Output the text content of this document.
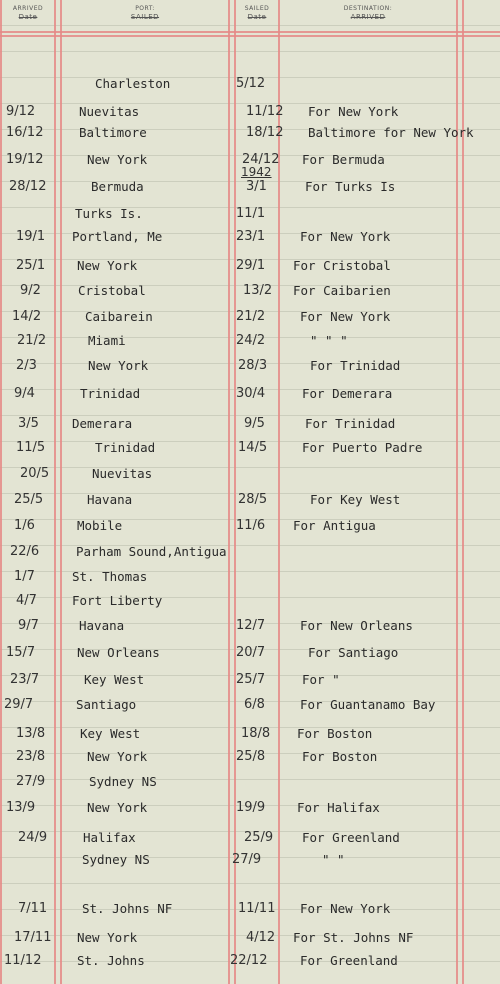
ARRIVED
Date
PORT:
SAILED
SAILED
Date
DESTINATION:
ARRIVED
1942
Charleston	5/12
9/12	Nuevitas	11/12 For New York
16/12	Baltimore	18/12 Baltimore for New York
19/12	New York	24/12 For Bermuda
28/12	Bermuda	3/1	For Turks Is
Turks Is.	11/1
19/1 Portland, Me	23/1	For New York
25/1	New York	29/1 For Cristobal
9/2	Cristobal	13/2 For Caibarien
14/2	Caibarein	21/2	For New York
21/2	Miami	24/2	" " "
2/3	New York	28/3	For Trinidad
9/4	Trinidad	30/4	For Demerara
3/5	Demerara	9/5	For Trinidad
11/5	Trinidad	14/5	For Puerto Padre
20/5	Nuevitas
25/5	Havana	28/5	For Key West
1/6	Mobile	11/6 For Antigua
22/6	Parham Sound,Antigua
1/7	St. Thomas
4/7	Fort Liberty
9/7	Havana	12/7	For New Orleans
15/7	New Orleans	20/7	For Santiago
23/7	Key West	25/7	For "
29/7	Santiago	6/8	For Guantanamo Bay
13/8	Key West	18/8 For Boston
23/8	New York	25/8	For Boston
27/9	Sydney NS
13/9	New York	19/9	For Halifax
24/9	Halifax	25/9 For Greenland
Sydney NS	27/9	" "
7/11	St. Johns NF	11/11 For New York
17/11 New York	4/12 For St. Johns NF
11/12	St. Johns	22/12	For Greenland
